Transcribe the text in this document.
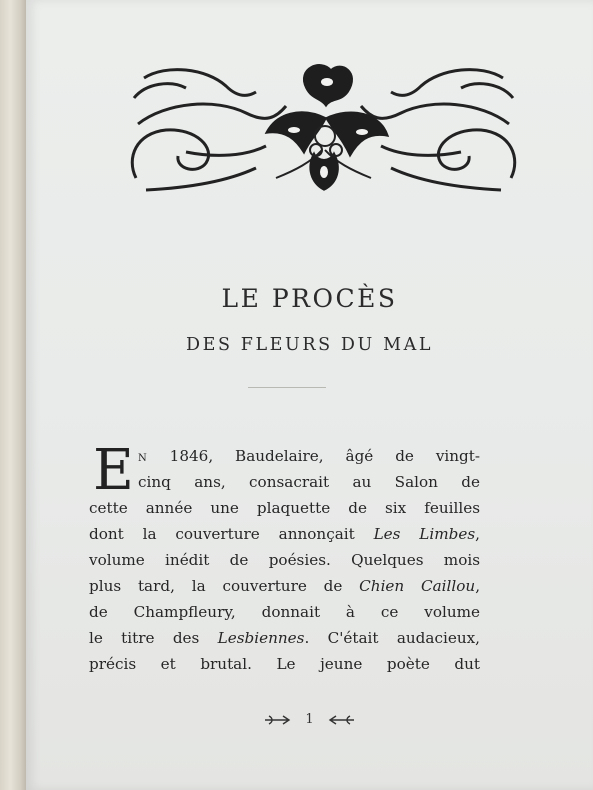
LE PROCÈS
DES FLEURS DU MAL
E N 1846, Baudelaire, âgé de vingt-
cinq ans, consacrait au Salon de
cette année une plaquette de six feuilles
dont la couverture annonçait Les Limbes,
volume inédit de poésies. Quelques mois
plus tard, la couverture de Chien Caillou,
de Champfleury, donnait à ce volume
le titre des Lesbiennes. C'était audacieux,
précis et brutal. Le jeune poète dut
1
